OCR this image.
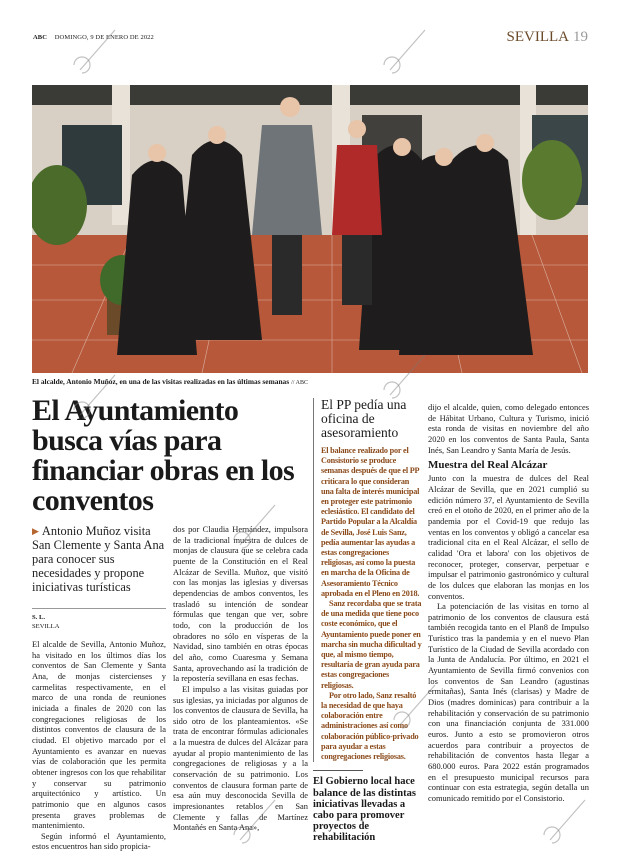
ABC DOMINGO, 9 DE ENERO DE 2022	SEVILLA 19
El alcalde, Antonio Muñoz, en una de las visitas realizadas en las últimas semanas // ABC
El Ayuntamiento busca vías para financiar obras en los conventos
▶ Antonio Muñoz visita San Clemente y Santa Ana para conocer sus necesidades y propone iniciativas turísticas
S. L.
SEVILLA

El alcalde de Sevilla, Antonio Muñoz, ha visitado en los últimos días los conventos de San Clemente y Santa Ana, de monjas cistercienses y carmelitas respectivamente, en el marco de una ronda de reuniones iniciada a finales de 2020 con las congregaciones religiosas de los distintos conventos de clausura de la ciudad. El objetivo marcado por el Ayuntamiento es avanzar en nuevas vías de colaboración que les permita obtener ingresos con los que rehabilitar y conservar su patrimonio arquitectónico y artístico. Un patrimonio que en algunos casos presenta graves problemas de mantenimiento.

Según informó el Ayuntamiento, estos encuentros han sido propicia-

dos por Claudia Hernández, impulsora de la tradicional muestra de dulces de monjas de clausura que se celebra cada puente de la Constitución en el Real Alcázar de Sevilla. Muñoz, que visitó con las monjas las iglesias y diversas dependencias de ambos conventos, les trasladó su intención de sondear fórmulas que tengan que ver, sobre todo, con la producción de los obradores no sólo en vísperas de la Navidad, sino también en otras épocas del año, como Cuaresma y Semana Santa, aprovechando así la tradición de la repostería sevillana en esas fechas.

El impulso a las visitas guiadas por sus iglesias, ya iniciadas por algunos de los conventos de clausura de Sevilla, ha sido otro de los planteamientos. «Se trata de encontrar fórmulas adicionales a la muestra de dulces del Alcázar para ayudar al propio mantenimiento de las congregaciones de religiosas y a la conservación de su patrimonio. Los conventos de clausura forman parte de esa aún muy desconocida Sevilla de impresionantes retablos en San Clemente y fallas de Martínez Montañés en Santa Ana»,

El PP pedía una oficina de asesoramiento

El balance realizado por el Consistorio se produce semanas después de que el PP criticara lo que consideran una falta de interés municipal en proteger este patrimonio eclesiástico. El candidato del Partido Popular a la Alcaldía de Sevilla, José Luis Sanz, pedía aumentar las ayudas a estas congregaciones religiosas, así como la puesta en marcha de la Oficina de Asesoramiento Técnico aprobada en el Pleno en 2018.

Sanz recordaba que se trata de una medida que tiene poco coste económico, que el Ayuntamiento puede poner en marcha sin mucha dificultad y que, al mismo tiempo, resultaría de gran ayuda para estas congregaciones religiosas.

Por otro lado, Sanz resaltó la necesidad de que haya colaboración entre administraciones así como colaboración público-privado para ayudar a estas congregaciones religiosas.

El Gobierno local hace balance de las distintas iniciativas llevadas a cabo para promover proyectos de rehabilitación

dijo el alcalde, quien, como delegado entonces de Hábitat Urbano, Cultura y Turismo, inició esta ronda de visitas en noviembre del año 2020 en los conventos de Santa Paula, Santa Inés, San Leandro y Santa María de Jesús.

Muestra del Real Alcázar

Junto con la muestra de dulces del Real Alcázar de Sevilla, que en 2021 cumplió su edición número 37, el Ayuntamiento de Sevilla creó en el otoño de 2020, en el primer año de la pandemia por el Covid-19 que redujo las ventas en los conventos y obligó a cancelar esa tradicional cita en el Real Alcázar, el sello de calidad 'Ora et labora' con los objetivos de reconocer, proteger, conservar, perpetuar e impulsar el patrimonio gastronómico y cultural de los dulces que elaboran las monjas en los conventos.

La potenciación de las visitas en torno al patrimonio de los conventos de clausura está también recogida tanto en el Plan8 de Impulso Turístico tras la pandemia y en el nuevo Plan Turístico de la Ciudad de Sevilla acordado con la Junta de Andalucía. Por último, en 2021 el Ayuntamiento de Sevilla firmó convenios con los conventos de San Leandro (agustinas ermitañas), Santa Inés (clarisas) y Madre de Dios (madres dominicas) para contribuir a la rehabilitación y conservación de su patrimonio con una financiación conjunta de 331.000 euros. Junto a esto se promovieron otros acuerdos para contribuir a proyectos de rehabilitación de conventos hasta llegar a 680.000 euros. Para 2022 están programados en el presupuesto municipal recursos para continuar con esta estrategia, según detalla un comunicado remitido por el Consistorio.
